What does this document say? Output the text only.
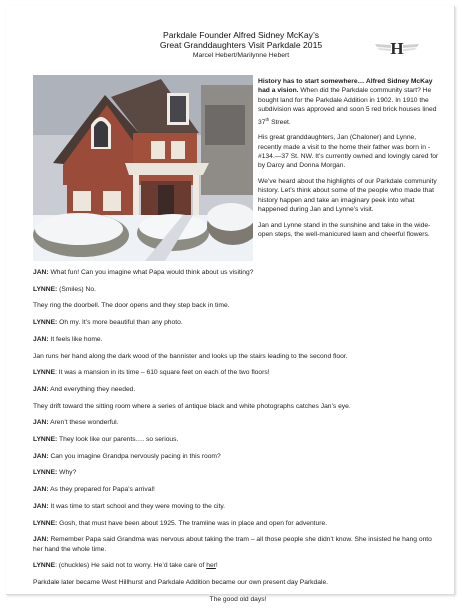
Parkdale Founder Alfred Sidney McKay’s
Great Granddaughters Visit Parkdale 2015
Marcel Hebert/Marilynne Hebert	H

History has to start somewhere… Alfred Sidney McKay had a vision. When did the Parkdale community start? He bought land for the Parkdale Addition in 1902. In 1910 the subdivision was approved and soon 5 red brick houses lined 37th Street.

His great granddaughters, Jan (Chaloner) and Lynne, recently made a visit to the home their father was born in - #134.—37 St. NW. It’s currently owned and lovingly cared for by Darcy and Donna Morgan.

We’ve heard about the highlights of our Parkdale community history. Let’s think about some of the people who made that history happen and take an imaginary peek into what happened during Jan and Lynne’s visit.

Jan and Lynne stand in the sunshine and take in the wide-open steps, the well-manicured lawn and cheerful flowers.

JAN: What fun! Can you imagine what Papa would think about us visiting?

LYNNE: (Smiles) No.

They ring the doorbell. The door opens and they step back in time.

LYNNE: Oh my. It’s more beautiful than any photo.

JAN: It feels like home.

Jan runs her hand along the dark wood of the bannister and looks up the stairs leading to the second floor.

LYNNE: It was a mansion in its time – 610 square feet on each of the two floors!

JAN: And everything they needed.

They drift toward the sitting room where a series of antique black and white photographs catches Jan’s eye.

JAN: Aren’t these wonderful.

LYNNE: They look like our parents…. so serious.

JAN: Can you imagine Grandpa nervously pacing in this room?

LYNNE: Why?

JAN: As they prepared for Papa’s arrival!

JAN: It was time to start school and they were moving to the city.

LYNNE: Gosh, that must have been about 1925. The tramline was in place and open for adventure.

JAN: Remember Papa said Grandma was nervous about taking the tram – all those people she didn’t know. She insisted he hang onto her hand the whole time.

LYNNE: (chuckles) He said not to worry. He’d take care of her!

Parkdale later became West Hillhurst and Parkdale Addition became our own present day Parkdale.

The good old days!
